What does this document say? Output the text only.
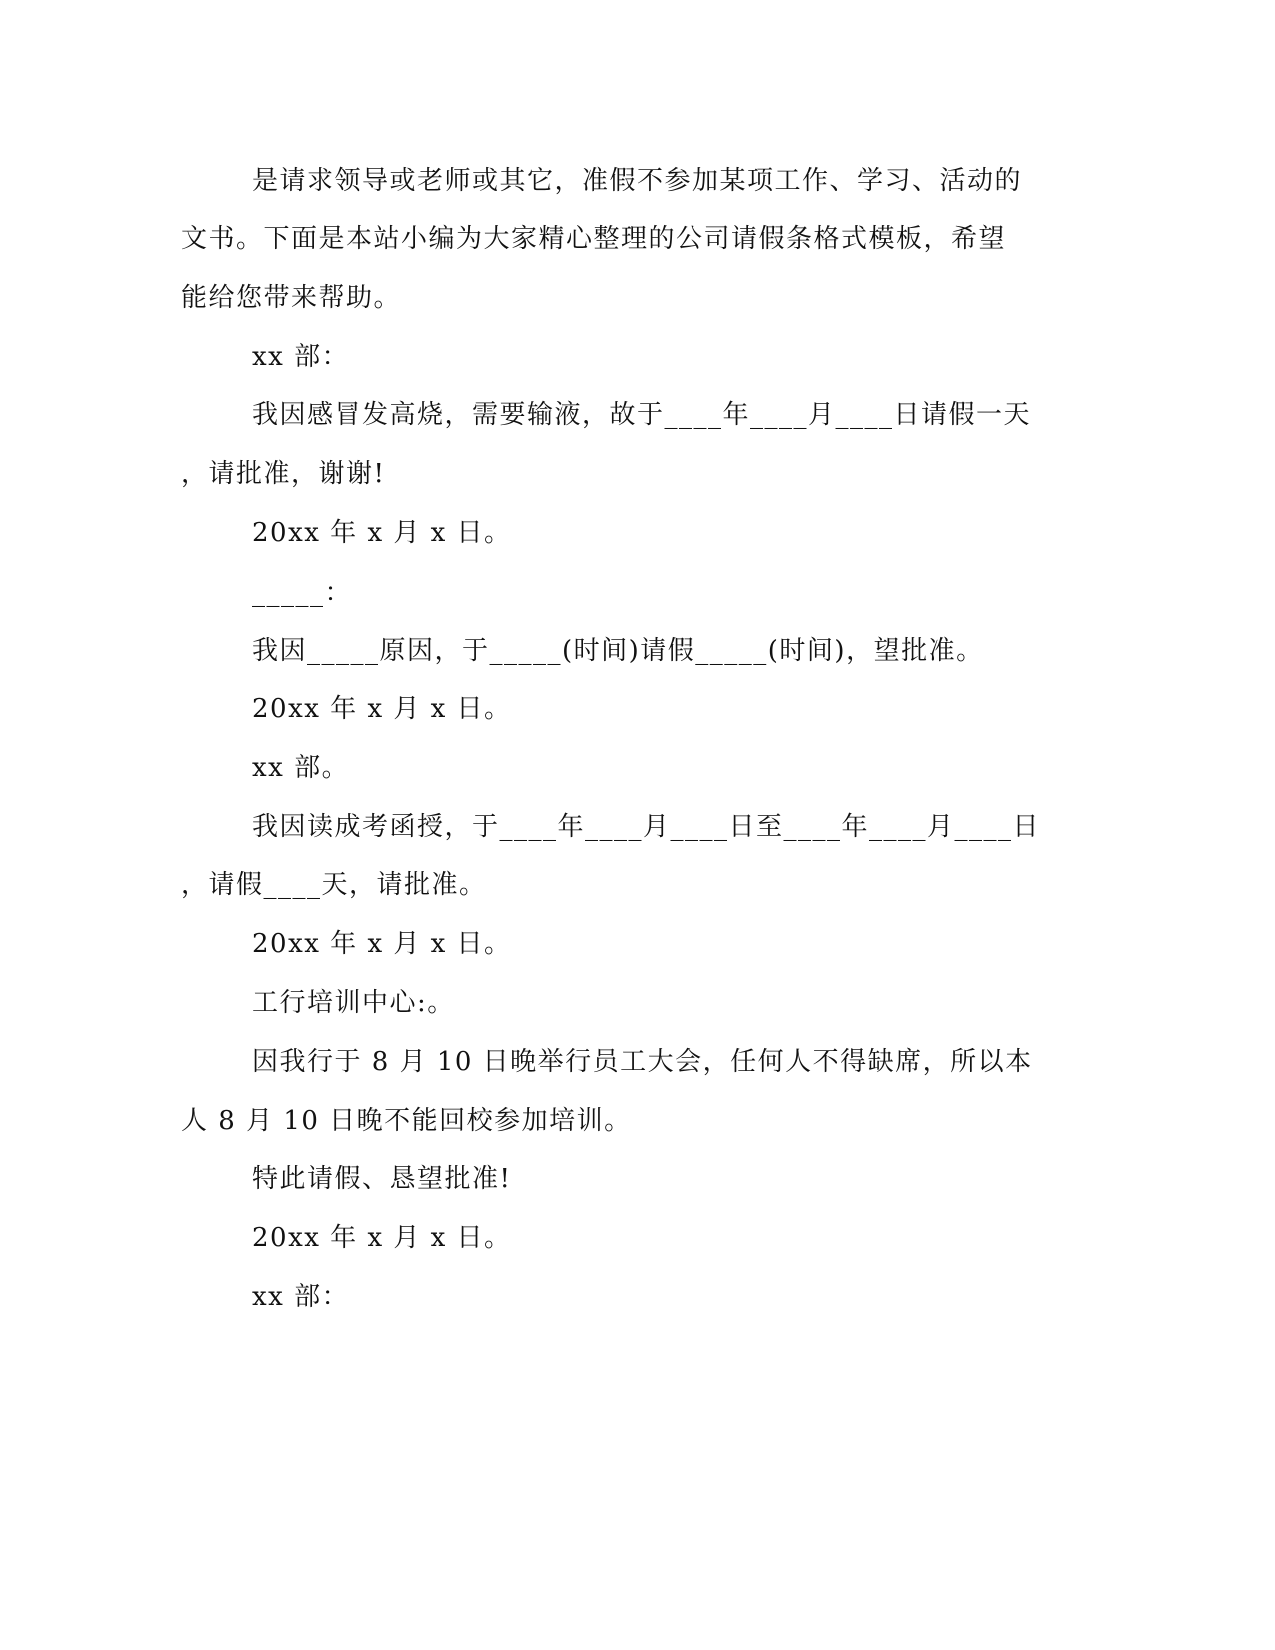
是请求领导或老师或其它，准假不参加某项工作、学习、活动的
文书。下面是本站小编为大家精心整理的公司请假条格式模板，希望
能给您带来帮助。
xx 部：
我因感冒发高烧，需要输液，故于____年____月____日请假一天
，请批准，谢谢!
20xx 年 x 月 x 日。
_____：
我因_____原因，于_____(时间)请假_____(时间)，望批准。
20xx 年 x 月 x 日。
xx 部。
我因读成考函授，于____年____月____日至____年____月____日
，请假____天，请批准。
20xx 年 x 月 x 日。
工行培训中心:。
因我行于 8 月 10 日晚举行员工大会，任何人不得缺席，所以本
人 8 月 10 日晚不能回校参加培训。
特此请假、恳望批准!
20xx 年 x 月 x 日。
xx 部：
